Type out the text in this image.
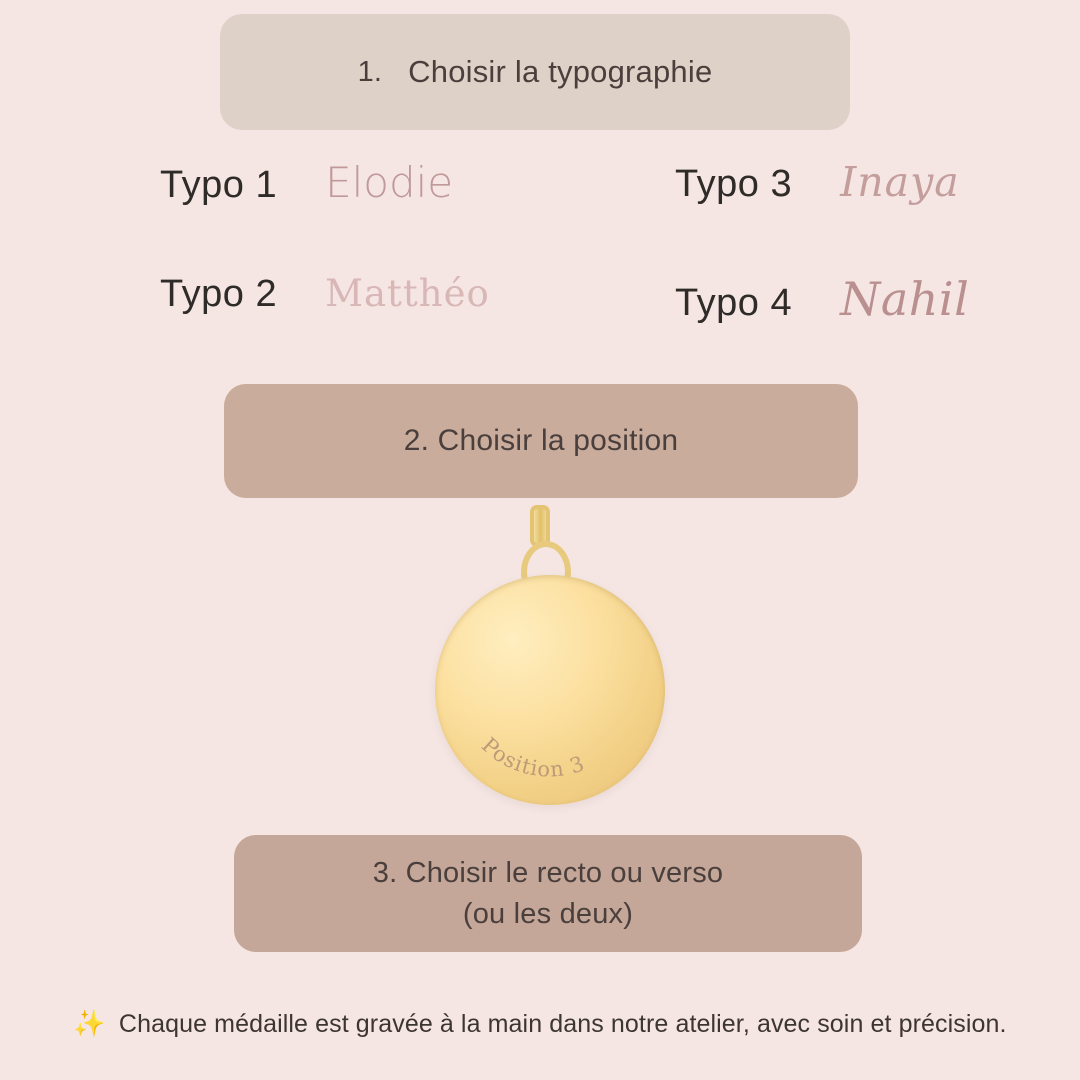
1. Choisir la typographie
Typo 1 Elodie
Typo 2 Matthéo
Typo 3 Inaya
Typo 4 Nahil
2. Choisir la position
Position 3
3. Choisir le recto ou verso
(ou les deux)
✨ Chaque médaille est gravée à la main dans notre atelier, avec soin et précision.
